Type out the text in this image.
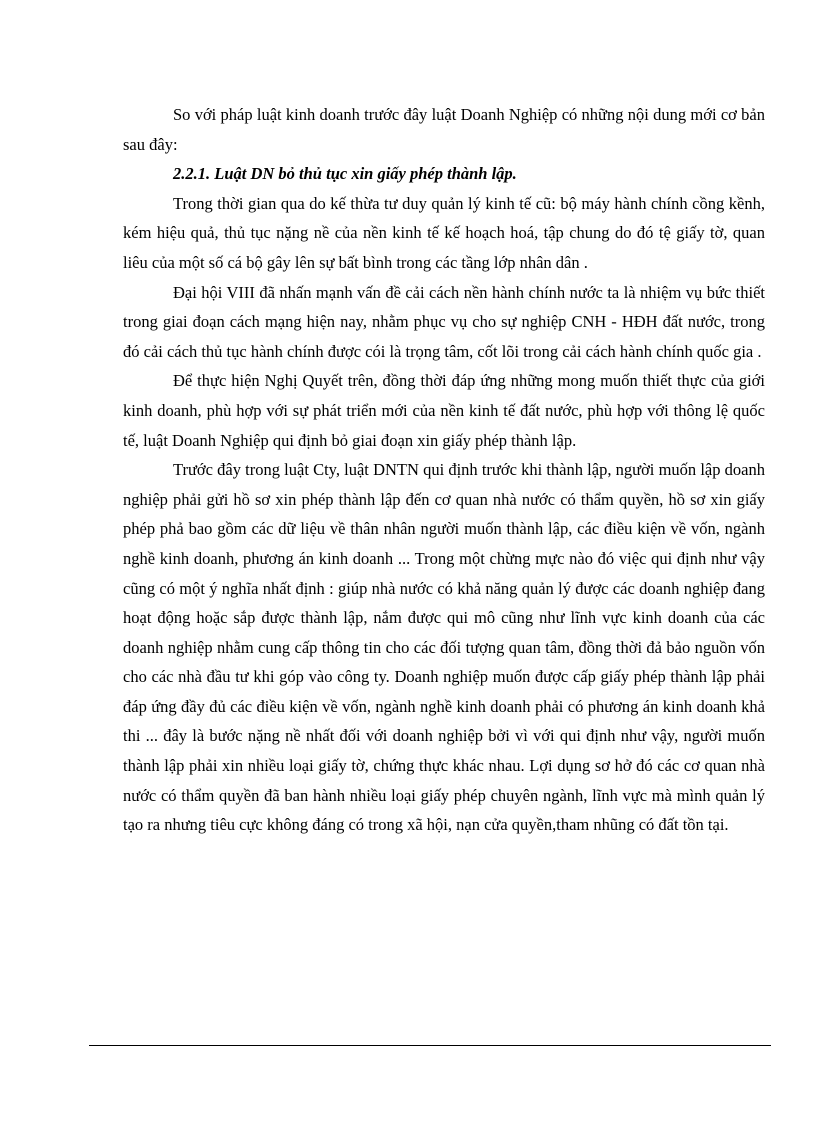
So với pháp luật kinh doanh trước đây luật Doanh Nghiệp có những nội dung mới cơ bản sau đây:

2.2.1. Luật DN bỏ thủ tục xin giấy phép thành lập.

Trong thời gian qua do kế thừa tư duy quản lý kinh tế cũ: bộ máy hành chính cồng kềnh, kém hiệu quả, thủ tục nặng nề của nền kinh tế kế hoạch hoá, tập chung do đó tệ giấy tờ, quan liêu của một số cá bộ gây lên sự bất bình trong các tầng lớp nhân dân .

Đại hội VIII đã nhấn mạnh vấn đề cải cách nền hành chính nước ta là nhiệm vụ bức thiết trong giai đoạn cách mạng hiện nay, nhằm phục vụ cho sự nghiệp CNH - HĐH đất nước, trong đó cải cách thủ tục hành chính được cói là trọng tâm, cốt lõi trong cải cách hành chính quốc gia .

Để thực hiện Nghị Quyết trên, đồng thời đáp ứng những mong muốn thiết thực của giới kinh doanh, phù hợp với sự phát triển mới của nền kinh tế đất nước, phù hợp với thông lệ quốc tế, luật Doanh Nghiệp qui định bỏ giai đoạn xin giấy phép thành lập.

Trước đây trong luật Cty, luật DNTN qui định trước khi thành lập, người muốn lập doanh nghiệp phải gửi hồ sơ xin phép thành lập đến cơ quan nhà nước có thẩm quyền, hồ sơ xin giấy phép phả bao gồm các dữ liệu về thân nhân người muốn thành lập, các điều kiện về vốn, ngành nghề kinh doanh, phương án kinh doanh ... Trong một chừng mực nào đó việc qui định như vậy cũng có một ý nghĩa nhất định : giúp nhà nước có khả năng quản lý được các doanh nghiệp đang hoạt động hoặc sắp được thành lập, nắm được qui mô cũng như lĩnh vực kinh doanh của các doanh nghiệp nhằm cung cấp thông tin cho các đối tượng quan tâm, đồng thời đả bảo nguồn vốn cho các nhà đầu tư khi góp vào công ty. Doanh nghiệp muốn được cấp giấy phép thành lập phải đáp ứng đầy đủ các điều kiện về vốn, ngành nghề kinh doanh phải có phương án kinh doanh khả thi ... đây là bước nặng nề nhất đối với doanh nghiệp bởi vì với qui định như vậy, người muốn thành lập phải xin nhiều loại giấy tờ, chứng thực khác nhau. Lợi dụng sơ hở đó các cơ quan nhà nước có thẩm quyền đã ban hành nhiều loại giấy phép chuyên ngành, lĩnh vực mà mình quản lý tạo ra nhưng tiêu cực không đáng có trong xã hội, nạn cửa quyền,tham nhũng có đất tồn tại.
